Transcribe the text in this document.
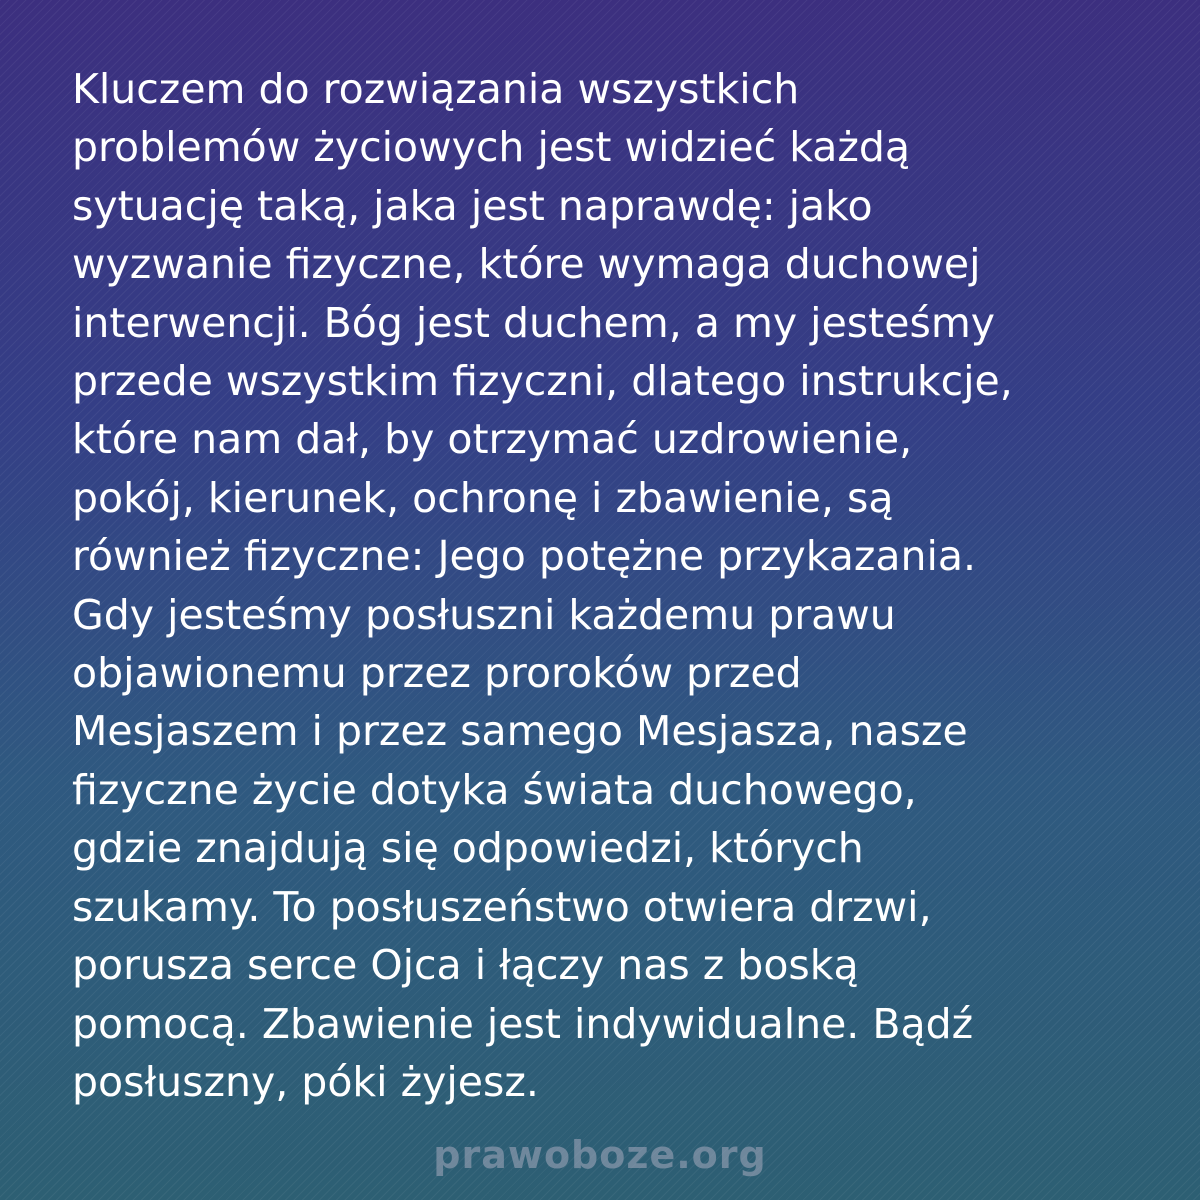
Kluczem do rozwiązania wszystkich
problemów życiowych jest widzieć każdą
sytuację taką, jaka jest naprawdę: jako
wyzwanie fizyczne, które wymaga duchowej
interwencji. Bóg jest duchem, a my jesteśmy
przede wszystkim fizyczni, dlatego instrukcje,
które nam dał, by otrzymać uzdrowienie,
pokój, kierunek, ochronę i zbawienie, są
również fizyczne: Jego potężne przykazania.
Gdy jesteśmy posłuszni każdemu prawu
objawionemu przez proroków przed
Mesjaszem i przez samego Mesjasza, nasze
fizyczne życie dotyka świata duchowego,
gdzie znajdują się odpowiedzi, których
szukamy. To posłuszeństwo otwiera drzwi,
porusza serce Ojca i łączy nas z boską
pomocą. Zbawienie jest indywidualne. Bądź
posłuszny, póki żyjesz.
prawoboze.org
